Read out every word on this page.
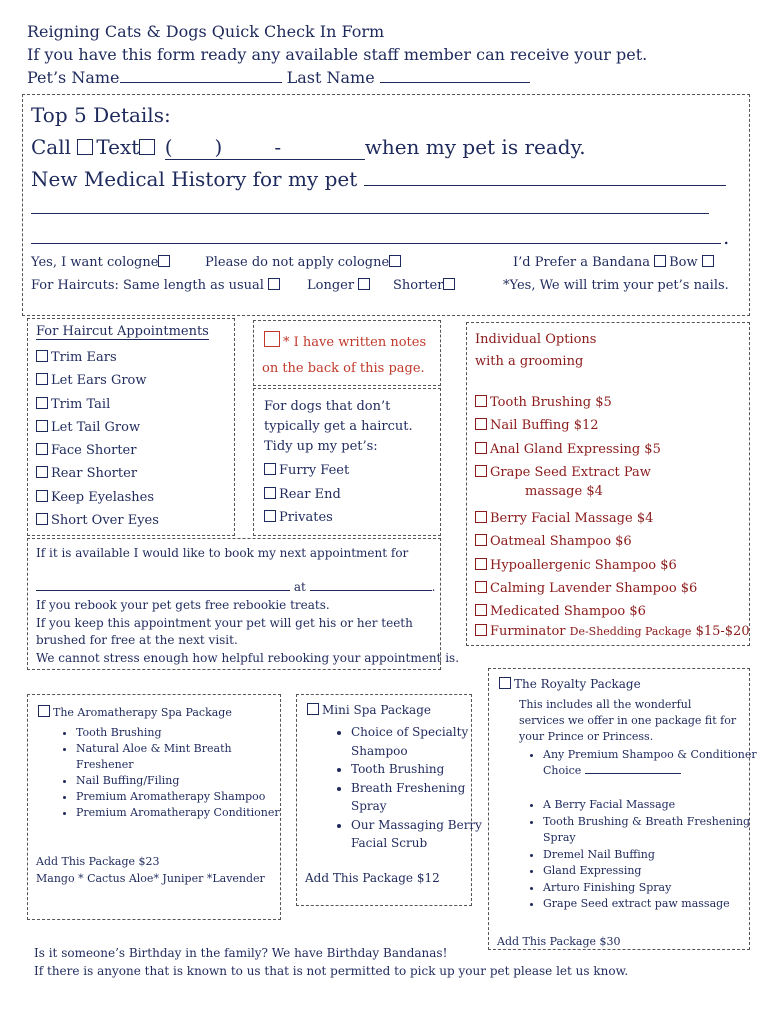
Reigning Cats & Dogs Quick Check In Form
If you have this form ready any available staff member can receive your pet.
Pet’s Name	Last Name
Top 5 Details:
Call Text ( )	-	when my pet is ready.
New Medical History for my pet
.
Yes, I want cologne	Please do not apply cologne	I’d Prefer a Bandana Bow
For Haircuts: Same length as usual	Longer	Shorter	*Yes, We will trim your pet’s nails.
For Haircut Appointments
Trim Ears
Let Ears Grow
Trim Tail
Let Tail Grow
Face Shorter
Rear Shorter
Keep Eyelashes
Short Over Eyes
* I have written notes
on the back of this page.
For dogs that don’t
typically get a haircut.
Tidy up my pet’s:
Furry Feet
Rear End
Privates
Individual Options
with a grooming
Tooth Brushing $5
Nail Buffing $12
Anal Gland Expressing $5
Grape Seed Extract Paw
massage $4
Berry Facial Massage $4
Oatmeal Shampoo $6
Hypoallergenic Shampoo $6
Calming Lavender Shampoo $6
Medicated Shampoo $6
Furminator De-Shedding Package $15-$20
If it is available I would like to book my next appointment for
at	.
If you rebook your pet gets free rebookie treats.
If you keep this appointment your pet will get his or her teeth
brushed for free at the next visit.
We cannot stress enough how helpful rebooking your appointment is.
The Aromatherapy Spa Package
• Tooth Brushing
• Natural Aloe & Mint Breath Freshener
• Nail Buffing/Filing
• Premium Aromatherapy Shampoo
• Premium Aromatherapy Conditioner
Add This Package $23
Mango * Cactus Aloe* Juniper *Lavender
Mini Spa Package
• Choice of Specialty Shampoo
• Tooth Brushing
• Breath Freshening Spray
• Our Massaging Berry Facial Scrub
Add This Package $12
The Royalty Package
This includes all the wonderful services we offer in one package fit for your Prince or Princess.
• Any Premium Shampoo & Conditioner
Choice
• A Berry Facial Massage
• Tooth Brushing & Breath Freshening Spray
• Dremel Nail Buffing
• Gland Expressing
• Arturo Finishing Spray
• Grape Seed extract paw massage
Add This Package $30
Is it someone’s Birthday in the family? We have Birthday Bandanas!
If there is anyone that is known to us that is not permitted to pick up your pet please let us know.
